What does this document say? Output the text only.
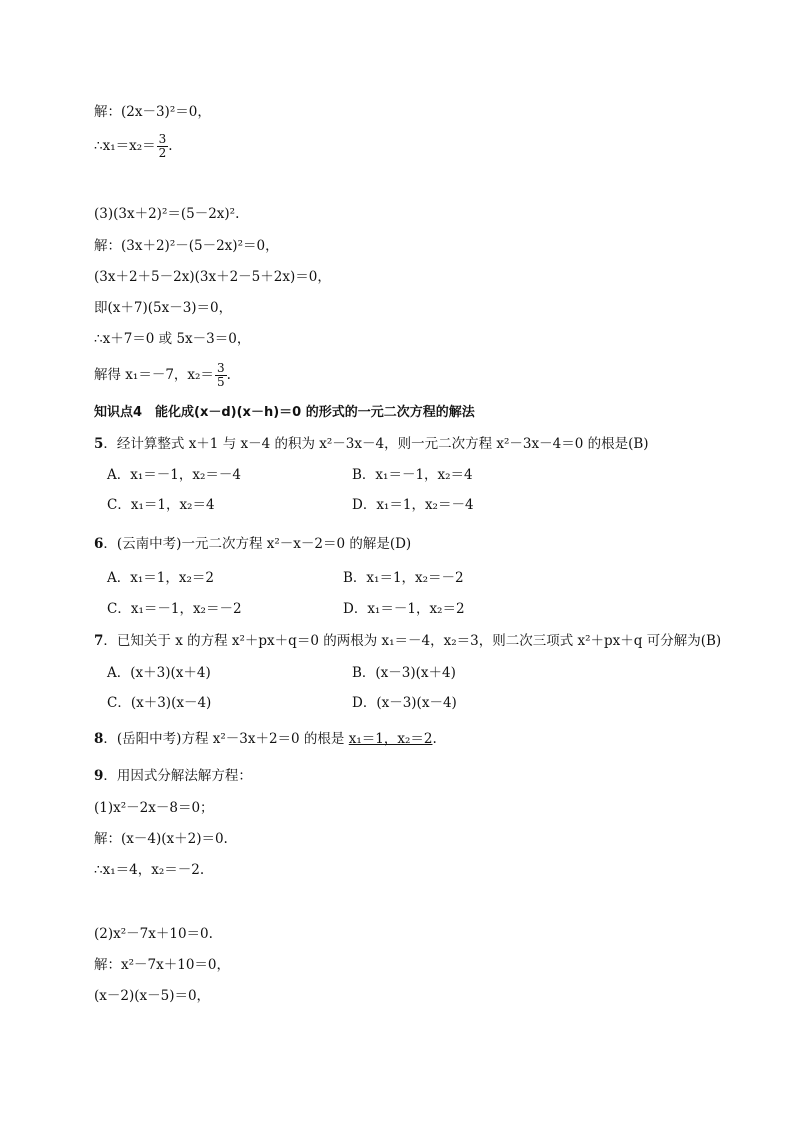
解：(2x－3)²＝0，
∴x₁＝x₂＝ $\frac{3}{2}$ .
(3)(3x＋2)²＝(5－2x)².
解：(3x＋2)²－(5－2x)²＝0，
(3x＋2＋5－2x)(3x＋2－5＋2x)＝0，
即(x＋7)(5x－3)＝0，
∴x＋7＝0 或 5x－3＝0，
解得 x₁＝－7，$x_2= \frac{3}{5}$ .
知识点4　能化成(x－d)(x－h)＝0 的形式的一元二次方程的解法
5．经计算整式 x＋1 与 x－4 的积为 x²－3x－4，则一元二次方程 x²－3x－4＝0 的根是(B)
A．x₁＝－1，x₂＝－4	B．x₁＝－1，x₂＝4
C．x₁＝1，x₂＝4	D．x₁＝1，x₂＝－4
6．(云南中考)一元二次方程 x²－x－2＝0 的解是(D)
A．x₁＝1，x₂＝2	B．x₁＝1，x₂＝－2
C．x₁＝－1，x₂＝－2	D．x₁＝－1，x₂＝2
7．已知关于 x 的方程 x²＋px＋q＝0 的两根为 x₁＝－4，x₂＝3，则二次三项式 x²＋px＋q 可分解为(B)
A．(x＋3)(x＋4)	B．(x－3)(x＋4)
C．(x＋3)(x－4)	D．(x－3)(x－4)
8．(岳阳中考)方程 x²－3x＋2＝0 的根是 x₁＝1，x₂＝2.
9．用因式分解法解方程：
(1)x²－2x－8＝0；
解：(x－4)(x＋2)＝0.
∴x₁＝4，x₂＝－2.
(2)x²－7x＋10＝0.
解：x²－7x＋10＝0，
(x－2)(x－5)＝0，
